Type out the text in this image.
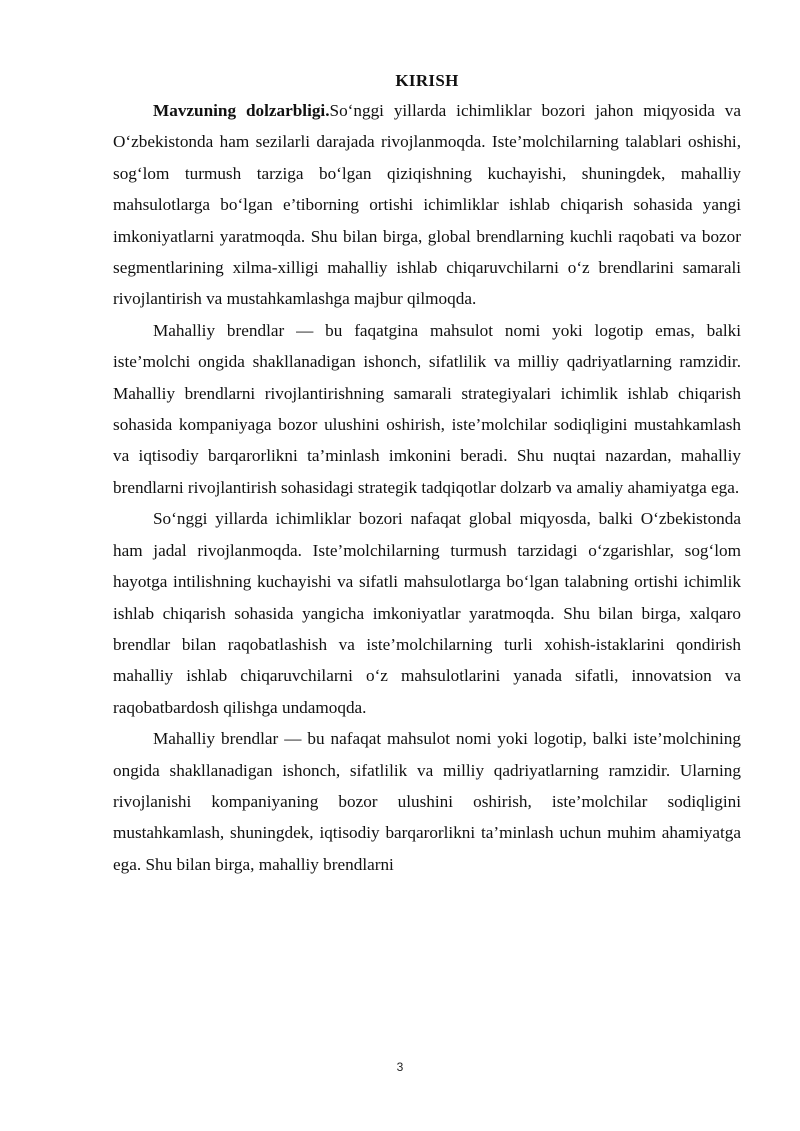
KIRISH

Mavzuning dolzarbligi.So‘nggi yillarda ichimliklar bozori jahon miqyosida va O‘zbekistonda ham sezilarli darajada rivojlanmoqda. Iste’molchilarning talablari oshishi, sog‘lom turmush tarziga bo‘lgan qiziqishning kuchayishi, shuningdek, mahalliy mahsulotlarga bo‘lgan e’tiborning ortishi ichimliklar ishlab chiqarish sohasida yangi imkoniyatlarni yaratmoqda. Shu bilan birga, global brendlarning kuchli raqobati va bozor segmentlarining xilma-xilligi mahalliy ishlab chiqaruvchilarni o‘z brendlarini samarali rivojlantirish va mustahkamlashga majbur qilmoqda.

Mahalliy brendlar — bu faqatgina mahsulot nomi yoki logotip emas, balki iste’molchi ongida shakllanadigan ishonch, sifatlilik va milliy qadriyatlarning ramzidir. Mahalliy brendlarni rivojlantirishning samarali strategiyalari ichimlik ishlab chiqarish sohasida kompaniyaga bozor ulushini oshirish, iste’molchilar sodiqligini mustahkamlash va iqtisodiy barqarorlikni ta’minlash imkonini beradi. Shu nuqtai nazardan, mahalliy brendlarni rivojlantirish sohasidagi strategik tadqiqotlar dolzarb va amaliy ahamiyatga ega.

So‘nggi yillarda ichimliklar bozori nafaqat global miqyosda, balki O‘zbekistonda ham jadal rivojlanmoqda. Iste’molchilarning turmush tarzidagi o‘zgarishlar, sog‘lom hayotga intilishning kuchayishi va sifatli mahsulotlarga bo‘lgan talabning ortishi ichimlik ishlab chiqarish sohasida yangicha imkoniyatlar yaratmoqda. Shu bilan birga, xalqaro brendlar bilan raqobatlashish va iste’molchilarning turli xohish-istaklarini qondirish mahalliy ishlab chiqaruvchilarni o‘z mahsulotlarini yanada sifatli, innovatsion va raqobatbardosh qilishga undamoqda.

Mahalliy brendlar — bu nafaqat mahsulot nomi yoki logotip, balki iste’molchining ongida shakllanadigan ishonch, sifatlilik va milliy qadriyatlarning ramzidir. Ularning rivojlanishi kompaniyaning bozor ulushini oshirish, iste’molchilar sodiqligini mustahkamlash, shuningdek, iqtisodiy barqarorlikni ta’minlash uchun muhim ahamiyatga ega. Shu bilan birga, mahalliy brendlarni

3
